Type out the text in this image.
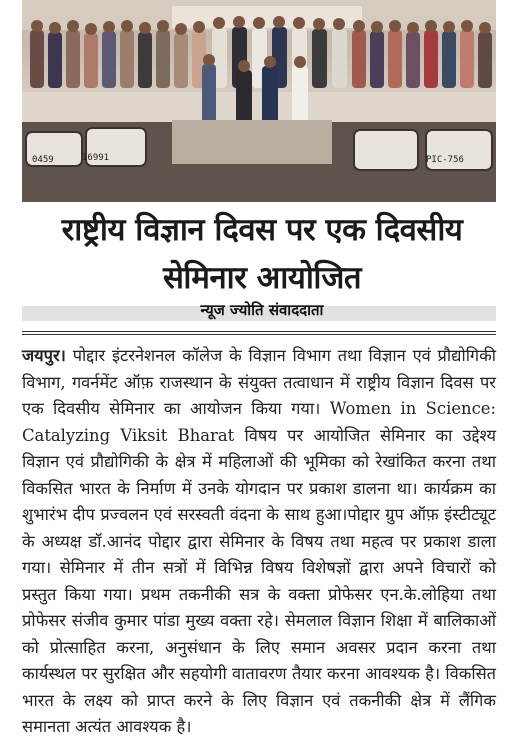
0459	16991	PIC-756
राष्ट्रीय विज्ञान दिवस पर एक दिवसीय
सेमिनार आयोजित
न्यूज ज्योति संवाददाता

जयपुर। पोद्दार इंटरनेशनल कॉलेज के विज्ञान विभाग तथा विज्ञान एवं प्रौद्योगिकी विभाग, गवर्नमेंट ऑफ़ राजस्थान के संयुक्त तत्वाधान में राष्ट्रीय विज्ञान दिवस पर एक दिवसीय सेमिनार का आयोजन किया गया। Women in Science: Catalyzing Viksit Bharat विषय पर आयोजित सेमिनार का उद्देश्य विज्ञान एवं प्रौद्योगिकी के क्षेत्र में महिलाओं की भूमिका को रेखांकित करना तथा विकसित भारत के निर्माण में उनके योगदान पर प्रकाश डालना था। कार्यक्रम का शुभारंभ दीप प्रज्वलन एवं सरस्वती वंदना के साथ हुआ।पोद्दार ग्रुप ऑफ़ इंस्टीट्यूट के अध्यक्ष डॉ.आनंद पोद्दार द्वारा सेमिनार के विषय तथा महत्व पर प्रकाश डाला गया। सेमिनार में तीन सत्रों में विभिन्न विषय विशेषज्ञों द्वारा अपने विचारों को प्रस्तुत किया गया। प्रथम तकनीकी सत्र के वक्ता प्रोफेसर एन.के.लोहिया तथा प्रोफेसर संजीव कुमार पांडा मुख्य वक्ता रहे। सेमलाल विज्ञान शिक्षा में बालिकाओं को प्रोत्साहित करना, अनुसंधान के लिए समान अवसर प्रदान करना तथा कार्यस्थल पर सुरक्षित और सहयोगी वातावरण तैयार करना आवश्यक है। विकसित भारत के लक्ष्य को प्राप्त करने के लिए विज्ञान एवं तकनीकी क्षेत्र में लैंगिक समानता अत्यंत आवश्यक है।
